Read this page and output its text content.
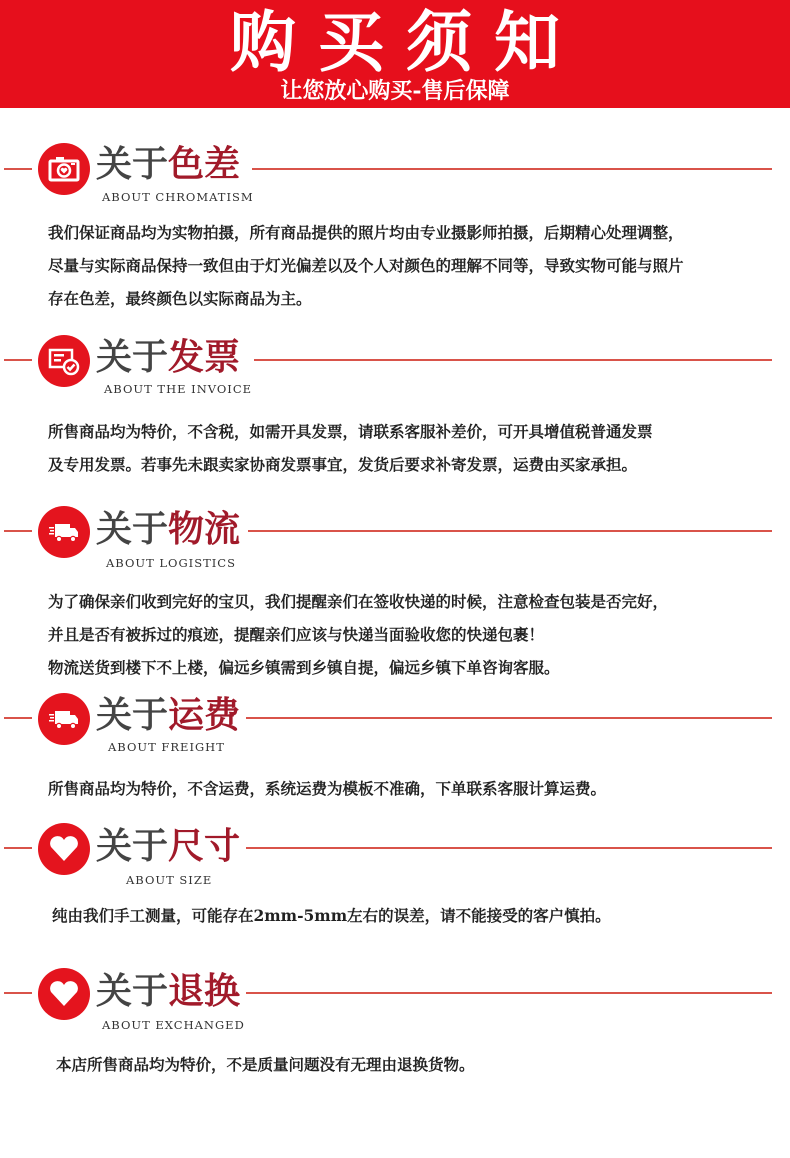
购买须知
让您放心购买-售后保障
关于色差
ABOUT CHROMATISM
我们保证商品均为实物拍摄，所有商品提供的照片均由专业摄影师拍摄，后期精心处理调整，
尽量与实际商品保持一致但由于灯光偏差以及个人对颜色的理解不同等，导致实物可能与照片
存在色差，最终颜色以实际商品为主。
关于发票
ABOUT THE INVOICE
所售商品均为特价，不含税，如需开具发票，请联系客服补差价，可开具增值税普通发票
及专用发票。若事先未跟卖家协商发票事宜，发货后要求补寄发票，运费由买家承担。
关于物流
ABOUT LOGISTICS
为了确保亲们收到完好的宝贝，我们提醒亲们在签收快递的时候，注意检查包装是否完好，
并且是否有被拆过的痕迹，提醒亲们应该与快递当面验收您的快递包裹！
物流送货到楼下不上楼，偏远乡镇需到乡镇自提，偏远乡镇下单咨询客服。
关于运费
ABOUT FREIGHT
所售商品均为特价，不含运费，系统运费为模板不准确，下单联系客服计算运费。
关于尺寸
ABOUT SIZE
纯由我们手工测量，可能存在2mm-5mm左右的误差，请不能接受的客户慎拍。
关于退换
ABOUT EXCHANGED
本店所售商品均为特价，不是质量问题没有无理由退换货物。
